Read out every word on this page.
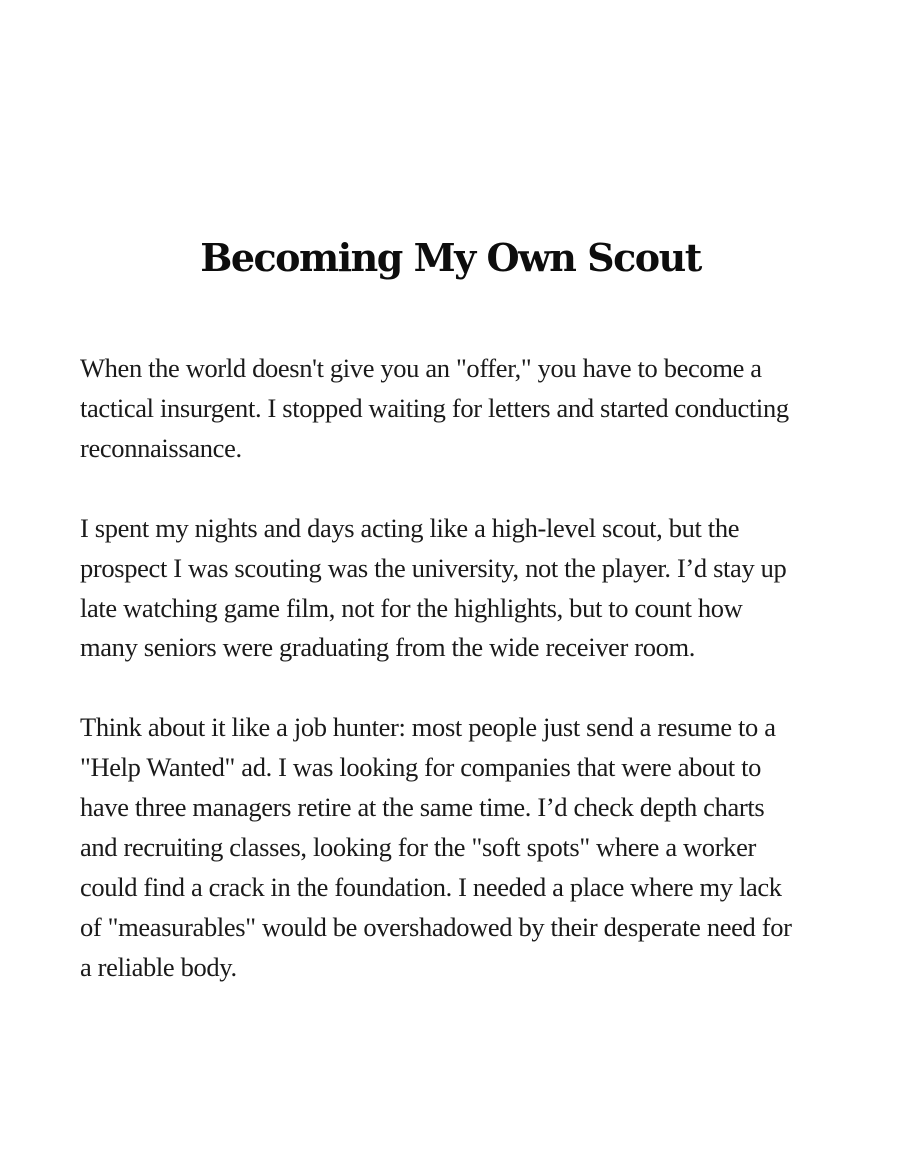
Becoming My Own Scout

When the world doesn't give you an "offer," you have to become a
tactical insurgent. I stopped waiting for letters and started conducting
reconnaissance.

I spent my nights and days acting like a high-level scout, but the
prospect I was scouting was the university, not the player. I’d stay up
late watching game film, not for the highlights, but to count how
many seniors were graduating from the wide receiver room.

Think about it like a job hunter: most people just send a resume to a
"Help Wanted" ad. I was looking for companies that were about to
have three managers retire at the same time. I’d check depth charts
and recruiting classes, looking for the "soft spots" where a worker
could find a crack in the foundation. I needed a place where my lack
of "measurables" would be overshadowed by their desperate need for
a reliable body.
